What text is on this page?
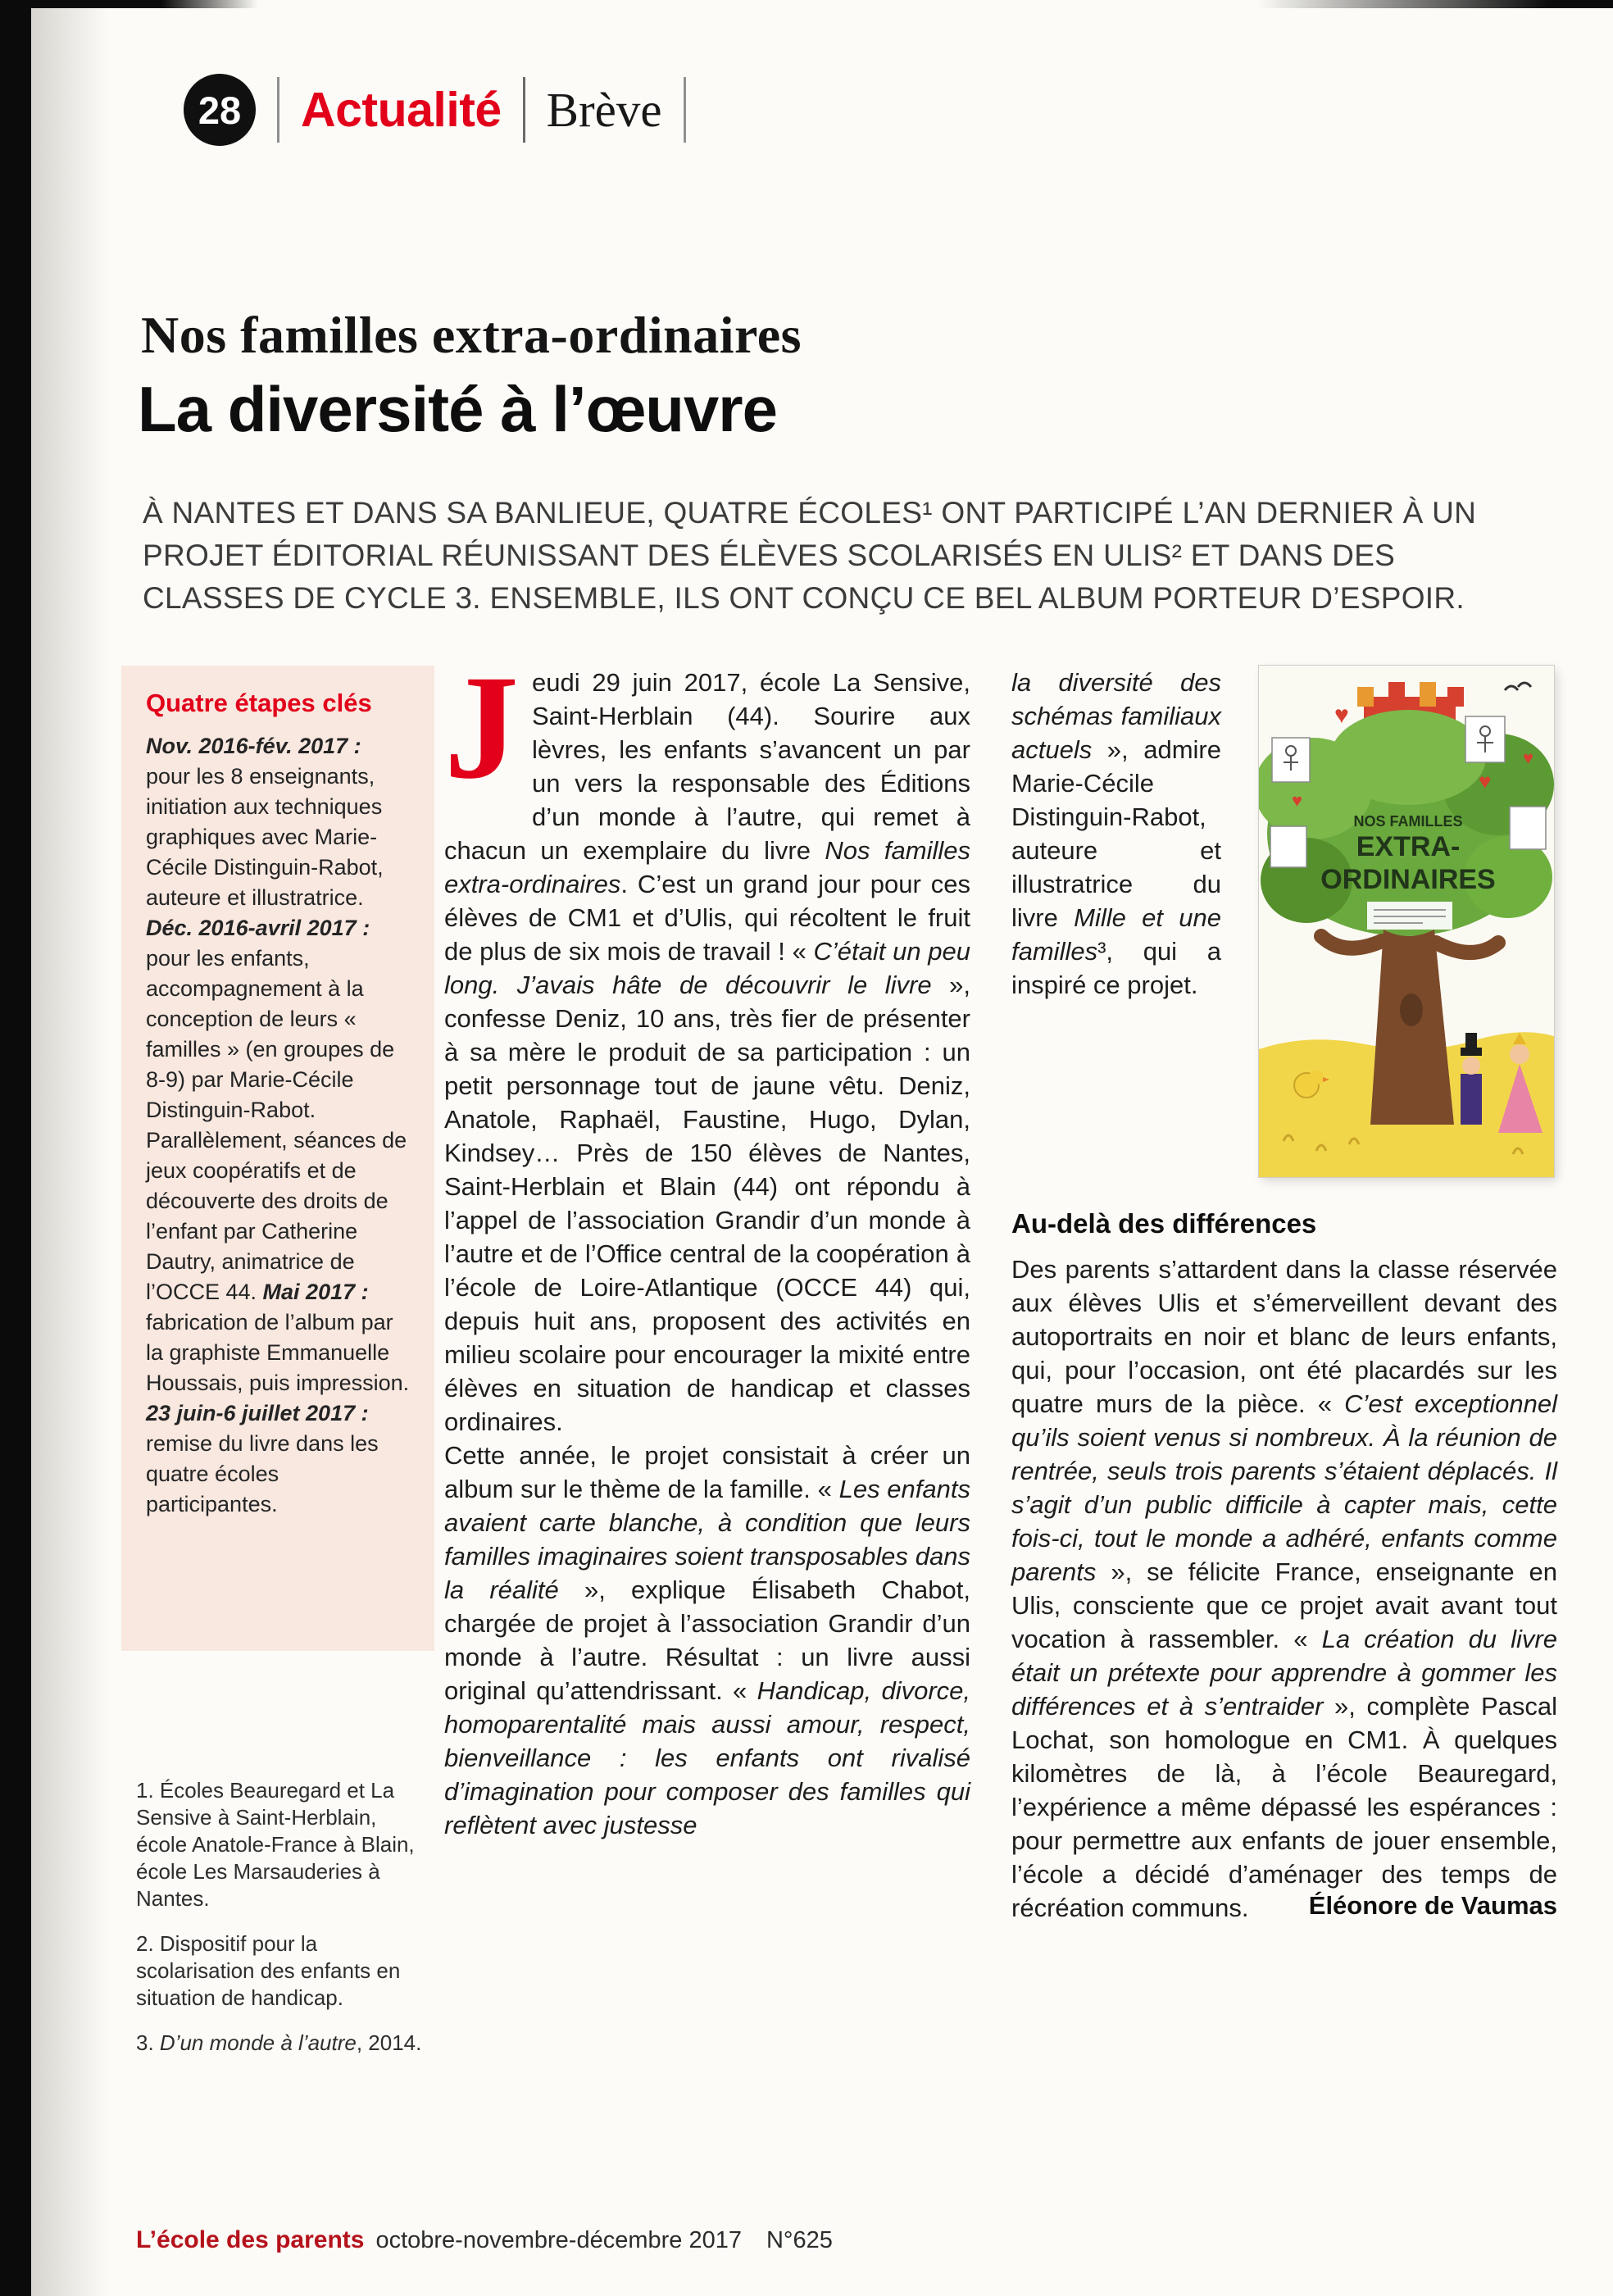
28 Actualité Brève
Nos familles extra-ordinaires
La diversité à l’œuvre

À NANTES ET DANS SA BANLIEUE, QUATRE ÉCOLES¹ ONT PARTICIPÉ L’AN DERNIER À UN PROJET ÉDITORIAL RÉUNISSANT DES ÉLÈVES SCOLARISÉS EN ULIS² ET DANS DES CLASSES DE CYCLE 3. ENSEMBLE, ILS ONT CONÇU CE BEL ALBUM PORTEUR D’ESPOIR.

Quatre étapes clés

Nov. 2016-fév. 2017 : pour les 8 enseignants, initiation aux techniques graphiques avec Marie-Cécile Distinguin-Rabot, auteure et illustratrice. Déc. 2016-avril 2017 : pour les enfants, accompagnement à la conception de leurs « familles » (en groupes de 8-9) par Marie-Cécile Distinguin-Rabot. Parallèlement, séances de jeux coopératifs et de découverte des droits de l’enfant par Catherine Dautry, animatrice de l’OCCE 44. Mai 2017 : fabrication de l’album par la graphiste Emmanuelle Houssais, puis impression. 23 juin-6 juillet 2017 : remise du livre dans les quatre écoles participantes.

1. Écoles Beauregard et La Sensive à Saint-Herblain, école Anatole-France à Blain, école Les Marsauderies à Nantes.

2. Dispositif pour la scolarisation des enfants en situation de handicap.

3. D’un monde à l’autre, 2014.

Jeudi 29 juin 2017, école La Sensive, Saint-Herblain (44). Sourire aux lèvres, les enfants s’avancent un par un vers la responsable des Éditions d’un monde à l’autre, qui remet à chacun un exemplaire du livre Nos familles extra-ordinaires. C’est un grand jour pour ces élèves de CM1 et d’Ulis, qui récoltent le fruit de plus de six mois de travail ! « C’était un peu long. J’avais hâte de découvrir le livre », confesse Deniz, 10 ans, très fier de présenter à sa mère le produit de sa participation : un petit personnage tout de jaune vêtu. Deniz, Anatole, Raphaël, Faustine, Hugo, Dylan, Kindsey… Près de 150 élèves de Nantes, Saint-Herblain et Blain (44) ont répondu à l’appel de l’association Grandir d’un monde à l’autre et de l’Office central de la coopération à l’école de Loire-Atlantique (OCCE 44) qui, depuis huit ans, proposent des activités en milieu scolaire pour encourager la mixité entre élèves en situation de handicap et classes ordinaires.

Cette année, le projet consistait à créer un album sur le thème de la famille. « Les enfants avaient carte blanche, à condition que leurs familles imaginaires soient transposables dans la réalité », explique Élisabeth Chabot, chargée de projet à l’association Grandir d’un monde à l’autre. Résultat : un livre aussi original qu’attendrissant. « Handicap, divorce, homoparentalité mais aussi amour, respect, bienveillance : les enfants ont rivalisé d’imagination pour composer des familles qui reflètent avec justesse

la diversité des schémas familiaux actuels », admire Marie-Cécile Distinguin-Rabot, auteure et illustratrice du livre Mille et une familles³, qui a inspiré ce projet.

♥
♥
♥
♥
NOS FAMILLES
EXTRA-
ORDINAIRES
Au-delà des différences

Des parents s’attardent dans la classe réservée aux élèves Ulis et s’émerveillent devant des autoportraits en noir et blanc de leurs enfants, qui, pour l’occasion, ont été placardés sur les quatre murs de la pièce. « C’est exceptionnel qu’ils soient venus si nombreux. À la réunion de rentrée, seuls trois parents s’étaient déplacés. Il s’agit d’un public difficile à capter mais, cette fois-ci, tout le monde a adhéré, enfants comme parents », se félicite France, enseignante en Ulis, consciente que ce projet avait avant tout vocation à rassembler. « La création du livre était un prétexte pour apprendre à gommer les différences et à s’entraider », complète Pascal Lochat, son homologue en CM1. À quelques kilomètres de là, à l’école Beauregard, l’expérience a même dépassé les espérances : pour permettre aux enfants de jouer ensemble, l’école a décidé d’aménager des temps de récréation communs.	Éléonore de Vaumas
L’école des parents octobre-novembre-décembre 2017 N°625
